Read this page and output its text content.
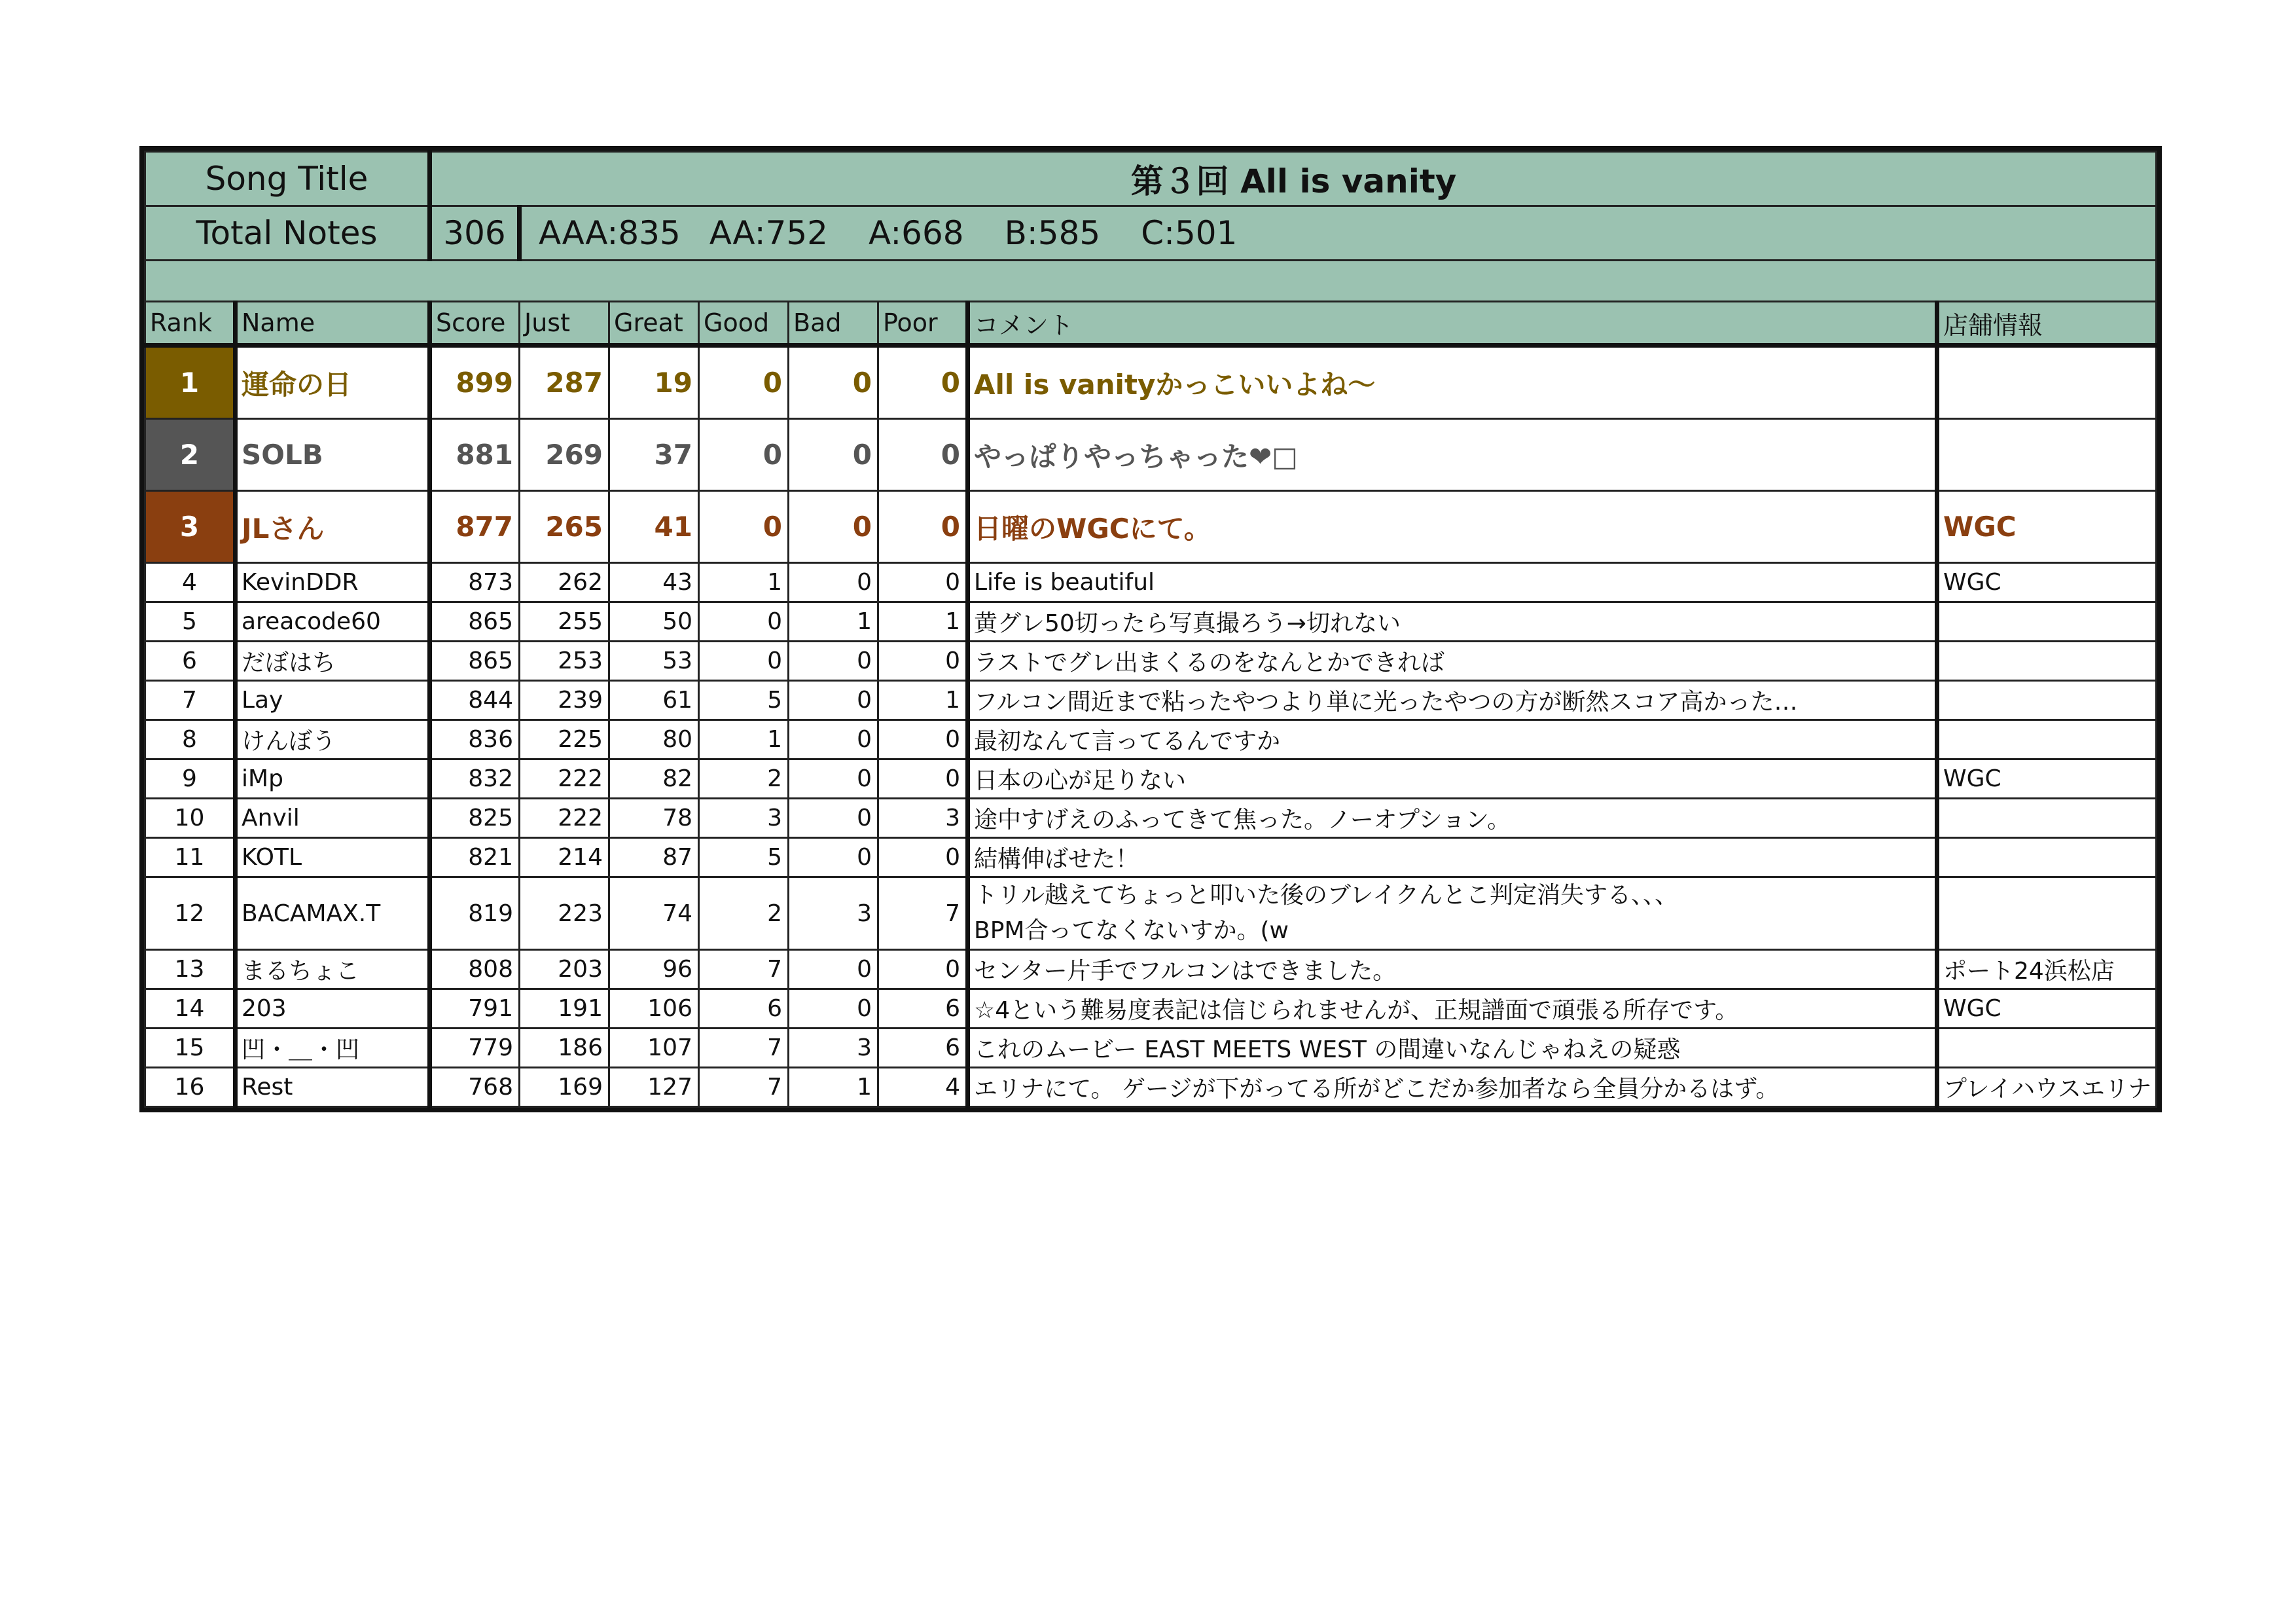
Song Title		第３回 All is vanity							
Total Notes		306	AAA:835 AA:752 A:668 B:585 C:501						

Rank	Name	Score	Just	Great	Good	Bad	Poor	コメント	店舗情報
1	運命の日	899	287	19	0	0	0	All is vanityかっこいいよね～	
2	SOLB	881	269	37	0	0	0	やっぱりやっちゃった❤□	
3	JLさん	877	265	41	0	0	0	日曜のWGCにて。	WGC
4	KevinDDR	873	262	43	1	0	0	Life is beautiful	WGC
5	areacode60	865	255	50	0	1	1	黄グレ50切ったら写真撮ろう→切れない	
6	だぼはち	865	253	53	0	0	0	ラストでグレ出まくるのをなんとかできれば	
7	Lay	844	239	61	5	0	1	フルコン間近まで粘ったやつより単に光ったやつの方が断然スコア高かった…	
8	けんぼう	836	225	80	1	0	0	最初なんて言ってるんですか	
9	iMp	832	222	82	2	0	0	日本の心が足りない	WGC
10	Anvil	825	222	78	3	0	3	途中すげえのふってきて焦った。ノーオプション。	
11	KOTL	821	214	87	5	0	0	結構伸ばせた！	
12	BACAMAX.T	819	223	74	2	3	7	トリル越えてちょっと叩いた後のブレイクんとこ判定消失する、、、
BPM合ってなくないすか。(w	

13	まるちょこ	808	203	96	7	0	0	センター片手でフルコンはできました。	ポート24浜松店
14	203	791	191	106	6	0	6	☆4という難易度表記は信じられませんが、正規譜面で頑張る所存です。	WGC
15	凹・＿・凹	779	186	107	7	3	6	これのムービー EAST MEETS WEST の間違いなんじゃねえの疑惑	
16	Rest	768	169	127	7	1	4	エリナにて。 ゲージが下がってる所がどこだか参加者なら全員分かるはず。	プレイハウスエリナ
